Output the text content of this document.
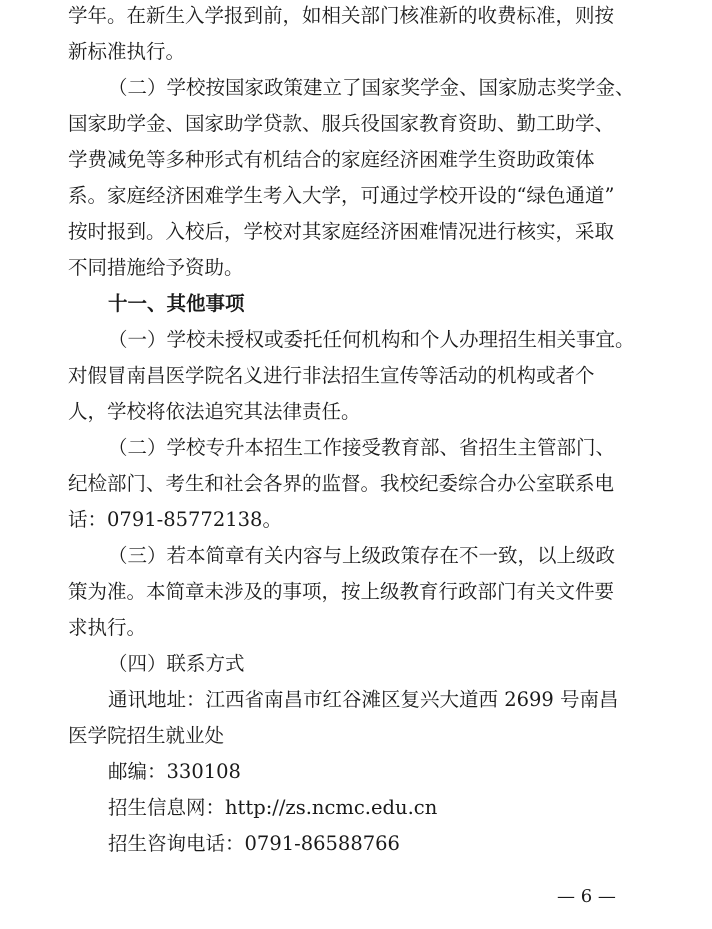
学年。在新生入学报到前，如相关部门核准新的收费标准，则按
新标准执行。
（二）学校按国家政策建立了国家奖学金、国家励志奖学金、
国家助学金、国家助学贷款、服兵役国家教育资助、勤工助学、
学费减免等多种形式有机结合的家庭经济困难学生资助政策体
系。家庭经济困难学生考入大学，可通过学校开设的“绿色通道”
按时报到。入校后，学校对其家庭经济困难情况进行核实，采取
不同措施给予资助。
十一、其他事项
（一）学校未授权或委托任何机构和个人办理招生相关事宜。
对假冒南昌医学院名义进行非法招生宣传等活动的机构或者个
人，学校将依法追究其法律责任。
（二）学校专升本招生工作接受教育部、省招生主管部门、
纪检部门、考生和社会各界的监督。我校纪委综合办公室联系电
话：0791-85772138。
（三）若本简章有关内容与上级政策存在不一致，以上级政
策为准。本简章未涉及的事项，按上级教育行政部门有关文件要
求执行。
（四）联系方式
通讯地址：江西省南昌市红谷滩区复兴大道西 2699 号南昌
医学院招生就业处
邮编：330108
招生信息网：http://zs.ncmc.edu.cn
招生咨询电话：0791-86588766
— 6 —
